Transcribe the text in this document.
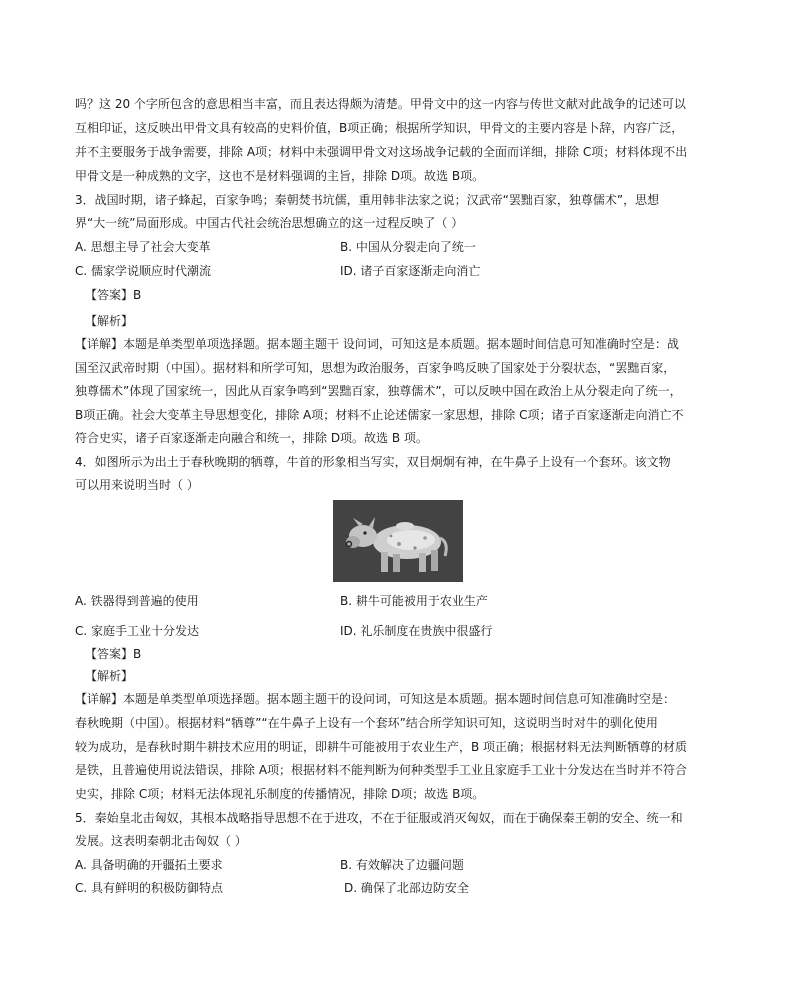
吗？这 20 个字所包含的意思相当丰富，而且表达得颇为清楚。甲骨文中的这一内容与传世文献对此战争的记述可以
互相印证，这反映出甲骨文具有较高的史料价值，B项正确；根据所学知识，甲骨文的主要内容是卜辞，内容广泛，
并不主要服务于战争需要，排除 A项；材料中未强调甲骨文对这场战争记载的全面而详细，排除 C项；材料体现不出
甲骨文是一种成熟的文字，这也不是材料强调的主旨，排除 D项。故选 B项。
3．战国时期，诸子蜂起，百家争鸣；秦朝焚书坑儒，重用韩非法家之说；汉武帝“罢黜百家，独尊儒术”，思想
界“大一统”局面形成。中国古代社会统治思想确立的这一过程反映了（ ）
A. 思想主导了社会大变革	B. 中国从分裂走向了统一
C. 儒家学说顺应时代潮流	ID. 诸子百家逐渐走向消亡
【答案】B
【解析】
【详解】本题是单类型单项选择题。据本题主题干 设问词，可知这是本质题。据本题时间信息可知准确时空是：战
国至汉武帝时期（中国）。据材料和所学可知，思想为政治服务，百家争鸣反映了国家处于分裂状态，“罢黜百家，
独尊儒术”体现了国家统一，因此从百家争鸣到“罢黜百家，独尊儒术”，可以反映中国在政治上从分裂走向了统一，
B项正确。社会大变革主导思想变化，排除 A项；材料不止论述儒家一家思想，排除 C项；诸子百家逐渐走向消亡不
符合史实，诸子百家逐渐走向融合和统一，排除 D项。故选 B 项。
4．如图所示为出土于春秋晚期的牺尊，牛首的形象相当写实，双目炯炯有神，在牛鼻子上设有一个套环。该文物
可以用来说明当时（ ）
A. 铁器得到普遍的使用	B. 耕牛可能被用于农业生产
C. 家庭手工业十分发达	ID. 礼乐制度在贵族中很盛行
【答案】B
【解析】
【详解】本题是单类型单项选择题。据本题主题干的设问词，可知这是本质题。据本题时间信息可知准确时空是：
春秋晚期（中国）。根据材料“牺尊”“在牛鼻子上设有一个套环”结合所学知识可知，这说明当时对牛的驯化使用
较为成功，是春秋时期牛耕技术应用的明证，即耕牛可能被用于农业生产，B 项正确；根据材料无法判断牺尊的材质
是铁，且普遍使用说法错误，排除 A项；根据材料不能判断为何种类型手工业且家庭手工业十分发达在当时并不符合
史实，排除 C项；材料无法体现礼乐制度的传播情况，排除 D项；故选 B项。
5．秦始皇北击匈奴，其根本战略指导思想不在于进攻，不在于征服或消灭匈奴，而在于确保秦王朝的安全、统一和
发展。这表明秦朝北击匈奴（ ）
A. 具备明确的开疆拓土要求	B. 有效解决了边疆问题
C. 具有鲜明的积极防御特点	D. 确保了北部边防安全
